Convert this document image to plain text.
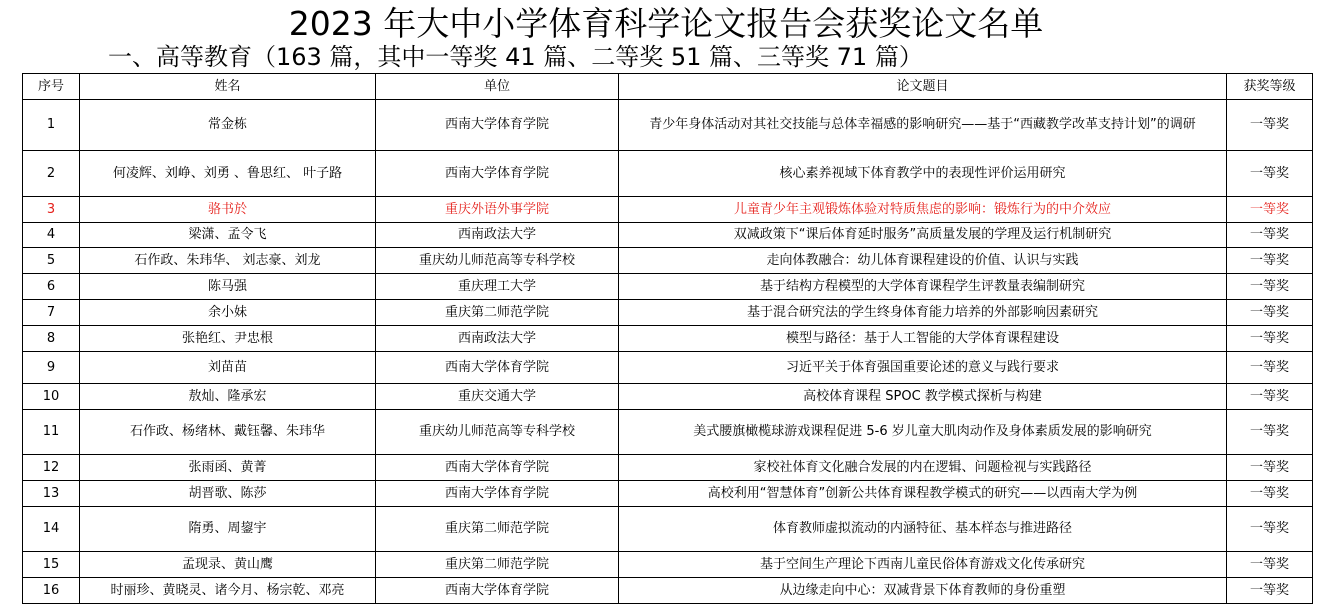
2023 年大中小学体育科学论文报告会获奖论文名单
一、高等教育（163 篇，其中一等奖 41 篇、二等奖 51 篇、三等奖 71 篇）
序号	姓名	单位	论文题目	获奖等级
1	常金栋	西南大学体育学院	青少年身体活动对其社交技能与总体幸福感的影响研究——基于“西藏教学改革支持计划”的调研	一等奖
2	何凌辉、刘峥、刘勇 、鲁思红、 叶子路	西南大学体育学院	核心素养视域下体育教学中的表现性评价运用研究	一等奖
3	骆书於	重庆外语外事学院	儿童青少年主观锻炼体验对特质焦虑的影响：锻炼行为的中介效应	一等奖
4	梁潇、孟令飞	西南政法大学	双减政策下“课后体育延时服务”高质量发展的学理及运行机制研究	一等奖
5	石作政、朱玮华、 刘志豪、刘龙	重庆幼儿师范高等专科学校	走向体教融合：幼儿体育课程建设的价值、认识与实践	一等奖
6	陈马强	重庆理工大学	基于结构方程模型的大学体育课程学生评教量表编制研究	一等奖
7	余小妹	重庆第二师范学院	基于混合研究法的学生终身体育能力培养的外部影响因素研究	一等奖
8	张艳红、尹忠根	西南政法大学	模型与路径：基于人工智能的大学体育课程建设	一等奖
9	刘苗苗	西南大学体育学院	习近平关于体育强国重要论述的意义与践行要求	一等奖
10	敖灿、隆承宏	重庆交通大学	高校体育课程 SPOC 教学模式探析与构建	一等奖
11	石作政、杨绪林、戴钰馨、朱玮华	重庆幼儿师范高等专科学校	美式腰旗橄榄球游戏课程促进 5-6 岁儿童大肌肉动作及身体素质发展的影响研究	一等奖
12	张雨函、黄菁	西南大学体育学院	家校社体育文化融合发展的内在逻辑、问题检视与实践路径	一等奖
13	胡晋歌、陈莎	西南大学体育学院	高校利用“智慧体育”创新公共体育课程教学模式的研究——以西南大学为例	一等奖
14	隋勇、周鋆宇	重庆第二师范学院	体育教师虚拟流动的内涵特征、基本样态与推进路径	一等奖
15	孟现录、黄山鹰	重庆第二师范学院	基于空间生产理论下西南儿童民俗体育游戏文化传承研究	一等奖
16	时丽珍、黄晓灵、诸今月、杨宗乾、邓亮	西南大学体育学院	从边缘走向中心：双减背景下体育教师的身份重塑	一等奖
